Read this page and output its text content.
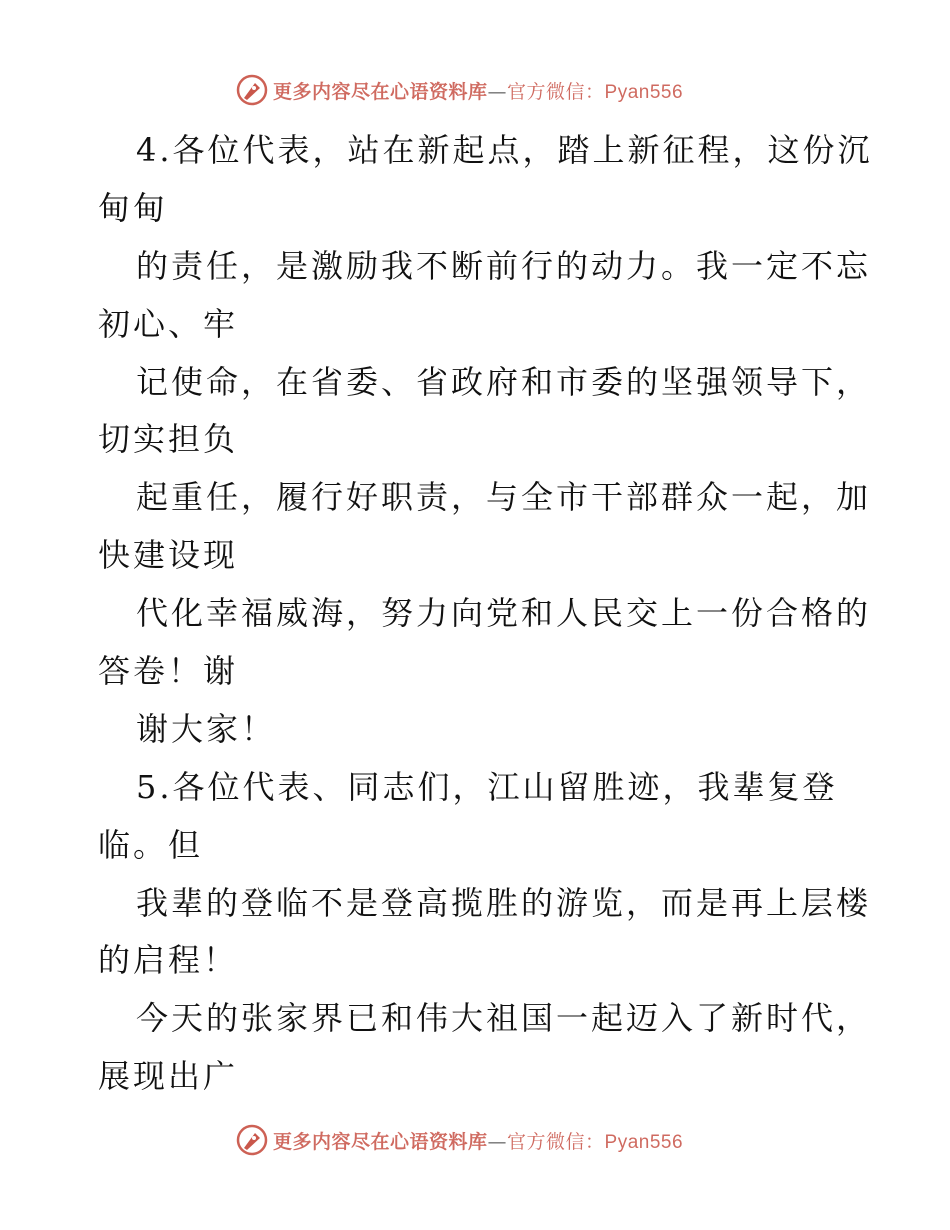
更多内容尽在心语资料库—官方微信：Pyan556
4.各位代表，站在新起点，踏上新征程，这份沉
甸甸
的责任，是激励我不断前行的动力。我一定不忘
初心、牢
记使命，在省委、省政府和市委的坚强领导下，
切实担负
起重任，履行好职责，与全市干部群众一起，加
快建设现
代化幸福威海，努力向党和人民交上一份合格的
答卷！谢
谢大家！
5.各位代表、同志们，江山留胜迹，我辈复登
临。但
我辈的登临不是登高揽胜的游览，而是再上层楼
的启程！
今天的张家界已和伟大祖国一起迈入了新时代，
展现出广
更多内容尽在心语资料库—官方微信：Pyan556
